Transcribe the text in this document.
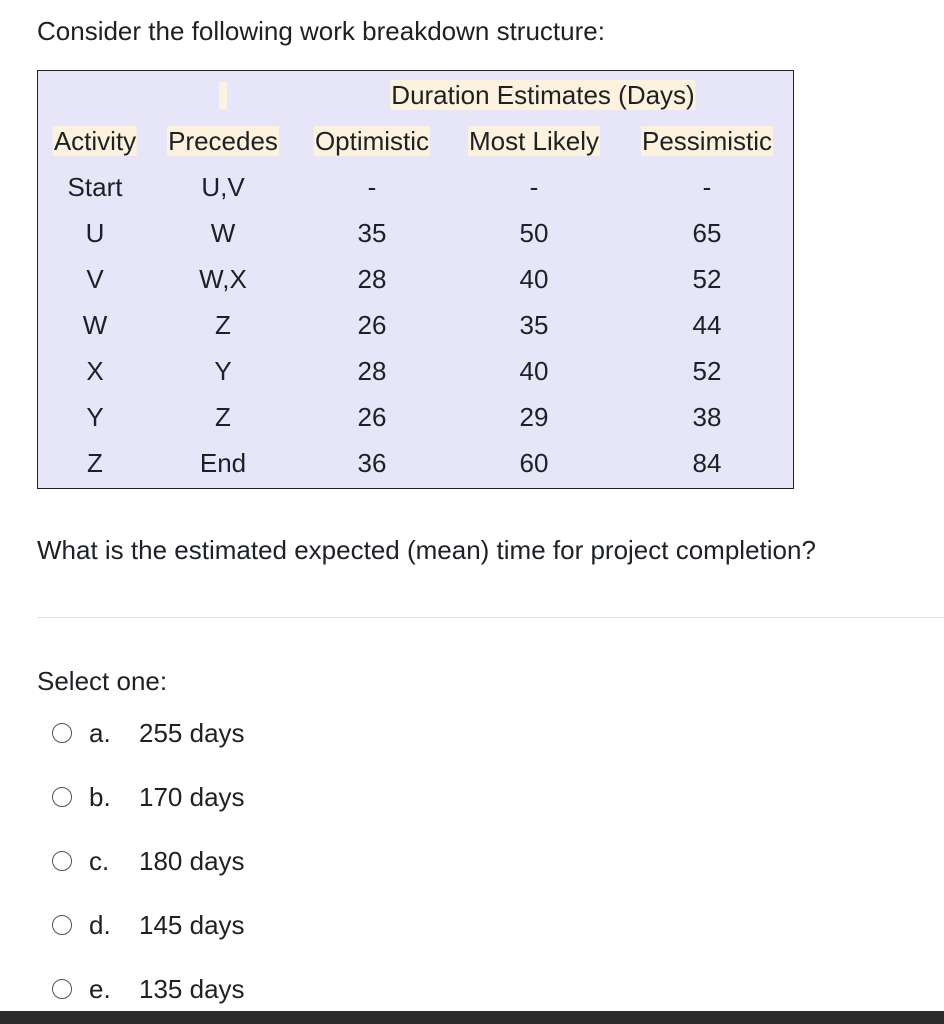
Consider the following work breakdown structure:

Duration Estimates (Days)
Activity Precedes Optimistic Most Likely Pessimistic
Start	U,V	-	-	-
U	W	35	50	65
V	W,X	28	40	52
W	Z	26	35	44
X	Y	28	40	52
Y	Z	26	29	38
Z	End	36	60	84

What is the estimated expected (mean) time for project completion?

Select one:
a.	255 days
b.	170 days
c.	180 days
d.	145 days
e.	135 days
